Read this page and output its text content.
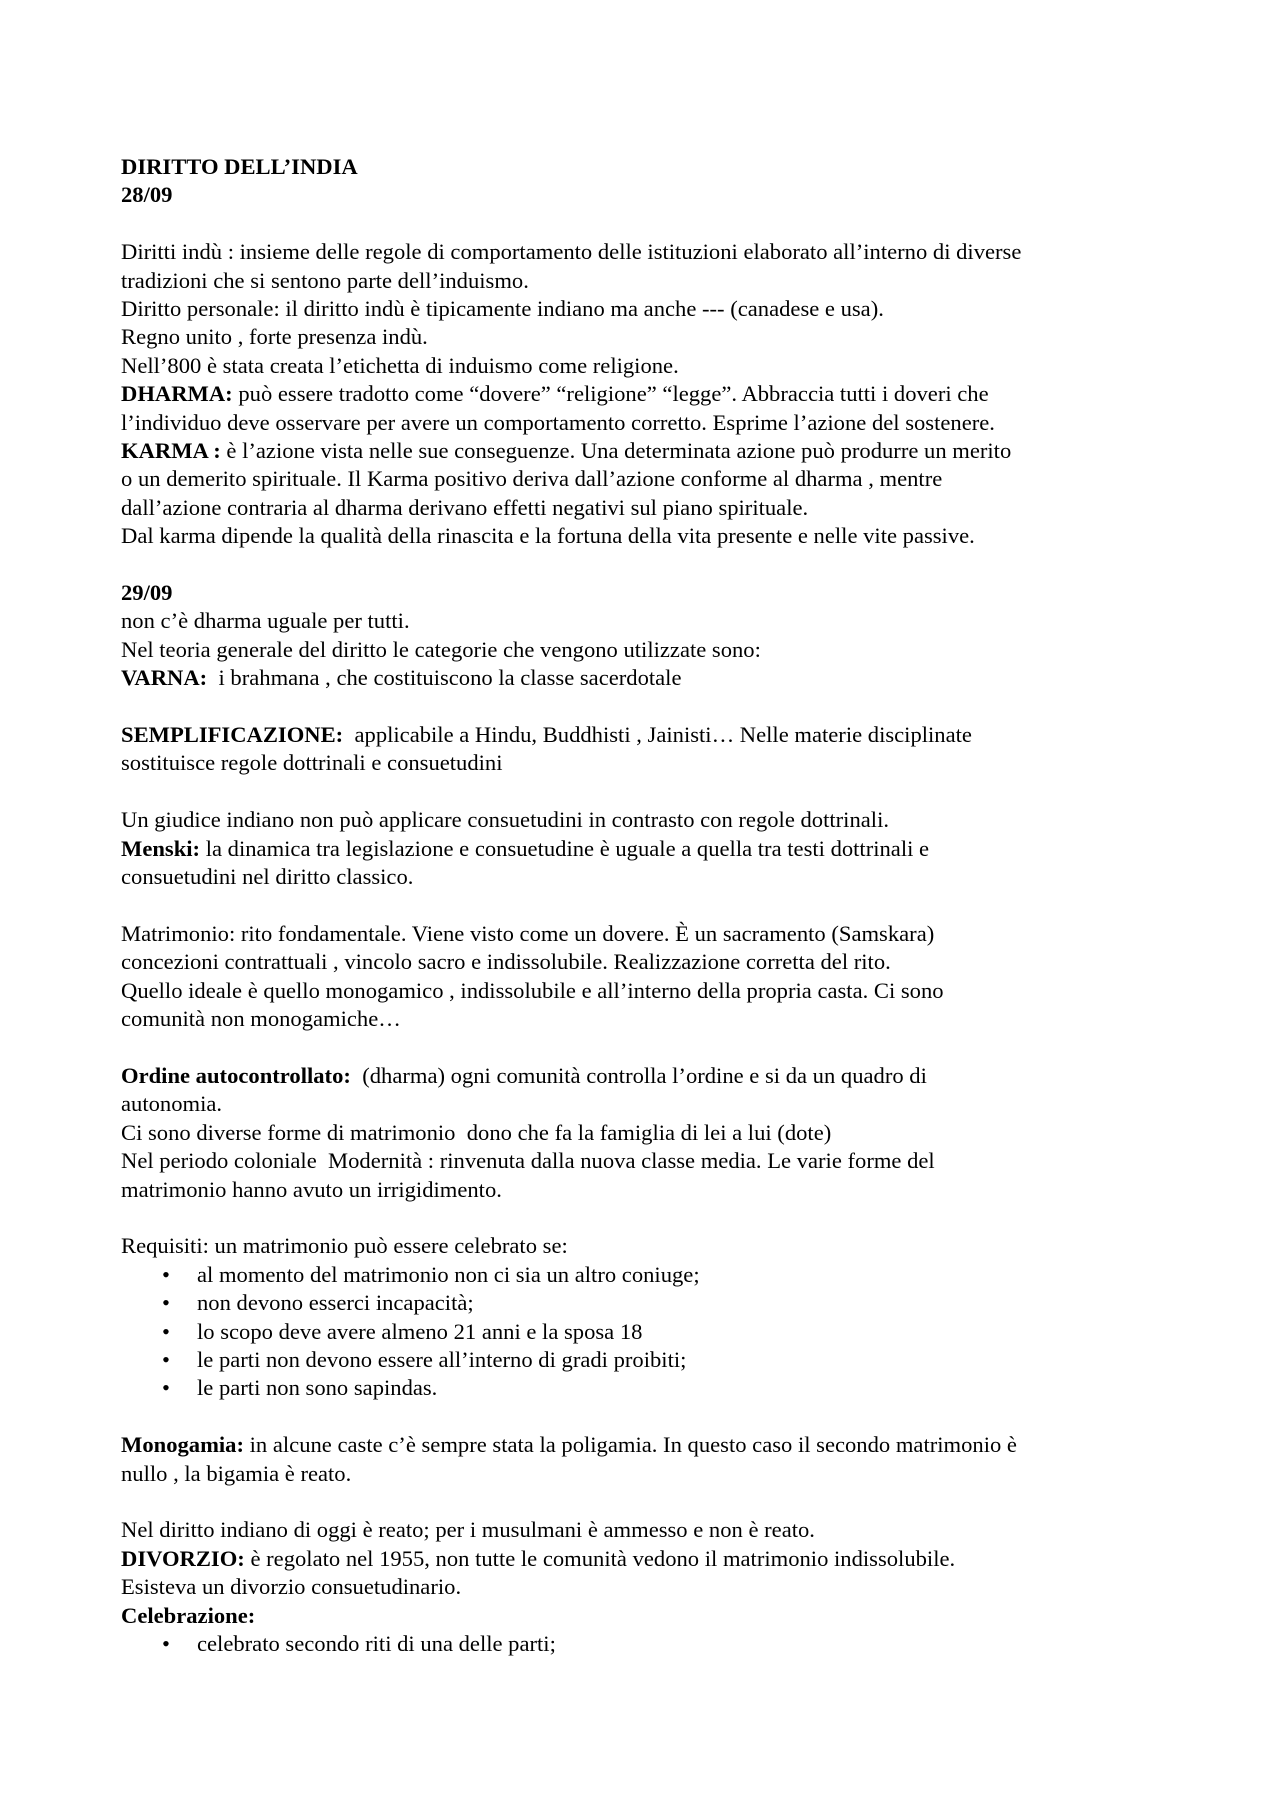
DIRITTO DELL’INDIA

28/09

Diritti indù : insieme delle regole di comportamento delle istituzioni elaborato all’interno di diverse

tradizioni che si sentono parte dell’induismo.

Diritto personale: il diritto indù è tipicamente indiano ma anche --- (canadese e usa).

Regno unito , forte presenza indù.

Nell’800 è stata creata l’etichetta di induismo come religione.

DHARMA: può essere tradotto come “dovere” “religione” “legge”. Abbraccia tutti i doveri che

l’individuo deve osservare per avere un comportamento corretto. Esprime l’azione del sostenere.

KARMA : è l’azione vista nelle sue conseguenze. Una determinata azione può produrre un merito

o un demerito spirituale. Il Karma positivo deriva dall’azione conforme al dharma , mentre

dall’azione contraria al dharma derivano effetti negativi sul piano spirituale.

Dal karma dipende la qualità della rinascita e la fortuna della vita presente e nelle vite passive.

29/09

non c’è dharma uguale per tutti.

Nel teoria generale del diritto le categorie che vengono utilizzate sono:

VARNA:  i brahmana , che costituiscono la classe sacerdotale

SEMPLIFICAZIONE:  applicabile a Hindu, Buddhisti , Jainisti… Nelle materie disciplinate

sostituisce regole dottrinali e consuetudini

Un giudice indiano non può applicare consuetudini in contrasto con regole dottrinali.

Menski: la dinamica tra legislazione e consuetudine è uguale a quella tra testi dottrinali e

consuetudini nel diritto classico.

Matrimonio: rito fondamentale. Viene visto come un dovere. È un sacramento (Samskara)

concezioni contrattuali , vincolo sacro e indissolubile. Realizzazione corretta del rito.

Quello ideale è quello monogamico , indissolubile e all’interno della propria casta. Ci sono

comunità non monogamiche…

Ordine autocontrollato:  (dharma) ogni comunità controlla l’ordine e si da un quadro di

autonomia.

Ci sono diverse forme di matrimonio  dono che fa la famiglia di lei a lui (dote)

Nel periodo coloniale  Modernità : rinvenuta dalla nuova classe media. Le varie forme del

matrimonio hanno avuto un irrigidimento.

Requisiti: un matrimonio può essere celebrato se:

• al momento del matrimonio non ci sia un altro coniuge;
• non devono esserci incapacità;
• lo scopo deve avere almeno 21 anni e la sposa 18
• le parti non devono essere all’interno di gradi proibiti;
• le parti non sono sapindas.

Monogamia: in alcune caste c’è sempre stata la poligamia. In questo caso il secondo matrimonio è

nullo , la bigamia è reato.

Nel diritto indiano di oggi è reato; per i musulmani è ammesso e non è reato.

DIVORZIO: è regolato nel 1955, non tutte le comunità vedono il matrimonio indissolubile.

Esisteva un divorzio consuetudinario.

Celebrazione:

• celebrato secondo riti di una delle parti;
